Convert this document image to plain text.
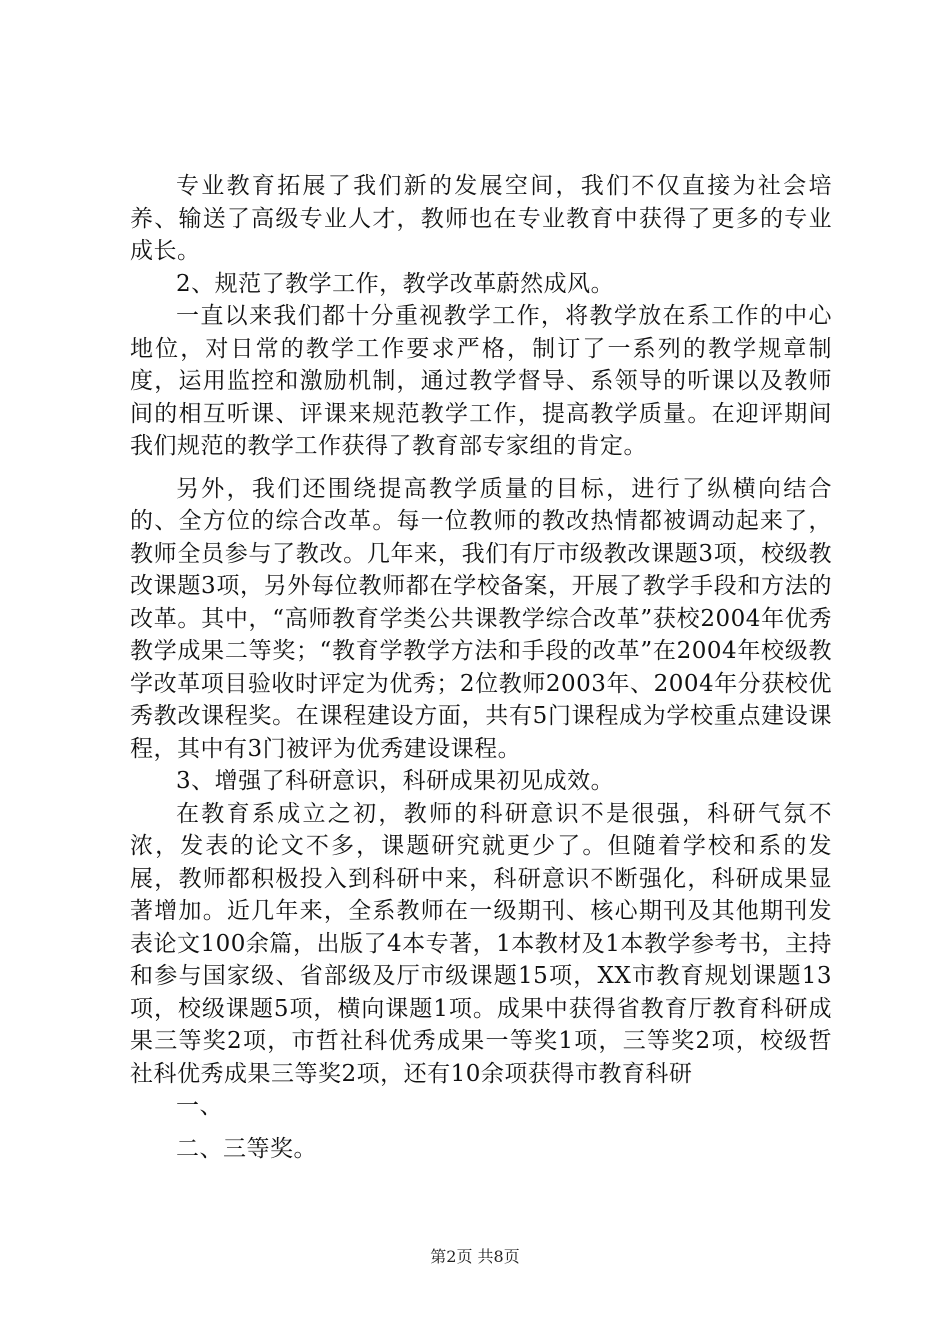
专业教育拓展了我们新的发展空间，我们不仅直接为社会培养、输送了高级专业人才，教师也在专业教育中获得了更多的专业成长。

2、规范了教学工作，教学改革蔚然成风。

一直以来我们都十分重视教学工作，将教学放在系工作的中心地位，对日常的教学工作要求严格，制订了一系列的教学规章制度，运用监控和激励机制，通过教学督导、系领导的听课以及教师间的相互听课、评课来规范教学工作，提高教学质量。在迎评期间我们规范的教学工作获得了教育部专家组的肯定。

另外，我们还围绕提高教学质量的目标，进行了纵横向结合的、全方位的综合改革。每一位教师的教改热情都被调动起来了，教师全员参与了教改。几年来，我们有厅市级教改课题3项，校级教改课题3项，另外每位教师都在学校备案，开展了教学手段和方法的改革。其中，“高师教育学类公共课教学综合改革”获校2004年优秀教学成果二等奖；“教育学教学方法和手段的改革”在2004年校级教学改革项目验收时评定为优秀；2位教师2003年、2004年分获校优秀教改课程奖。在课程建设方面，共有5门课程成为学校重点建设课程，其中有3门被评为优秀建设课程。

3、增强了科研意识，科研成果初见成效。

在教育系成立之初，教师的科研意识不是很强，科研气氛不浓，发表的论文不多，课题研究就更少了。但随着学校和系的发展，教师都积极投入到科研中来，科研意识不断强化，科研成果显著增加。近几年来，全系教师在一级期刊、核心期刊及其他期刊发表论文100余篇，出版了4本专著，1本教材及1本教学参考书，主持和参与国家级、省部级及厅市级课题15项，XX市教育规划课题13项，校级课题5项，横向课题1项。成果中获得省教育厅教育科研成果三等奖2项，市哲社科优秀成果一等奖1项，三等奖2项，校级哲社科优秀成果三等奖2项，还有10余项获得市教育科研

一、

二、三等奖。

第2页 共8页
